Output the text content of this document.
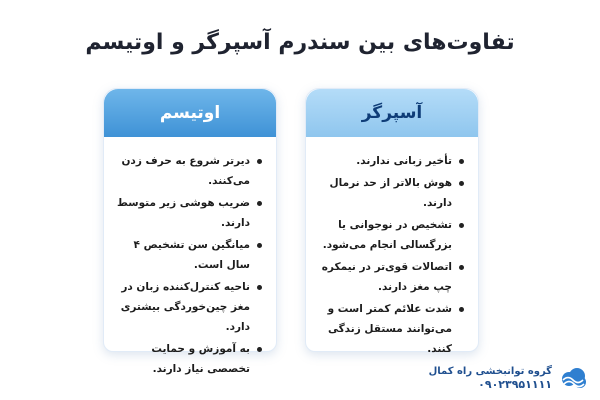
تفاوت‌های بین سندرم آسپرگر و اوتیسم
آسپرگر
تأخیر زبانی ندارند.
هوش بالاتر از حد نرمال دارند.
تشخیص در نوجوانی یا بزرگسالی انجام می‌شود.
اتصالات قوی‌تر در نیمکره چپ مغز دارند.
شدت علائم کمتر است و می‌توانند مستقل زندگی کنند.
اوتیسم
دیرتر شروع به حرف زدن می‌کنند.
ضریب هوشی زیر متوسط دارند.
میانگین سن تشخیص ۴ سال است.
ناحیه کنترل‌کننده زبان در مغز چین‌خوردگی بیشتری دارد.
به آموزش و حمایت تخصصی نیاز دارند.	گروه توانبخشی راه کمال
۰۹۰۲۳۹۵۱۱۱۱
